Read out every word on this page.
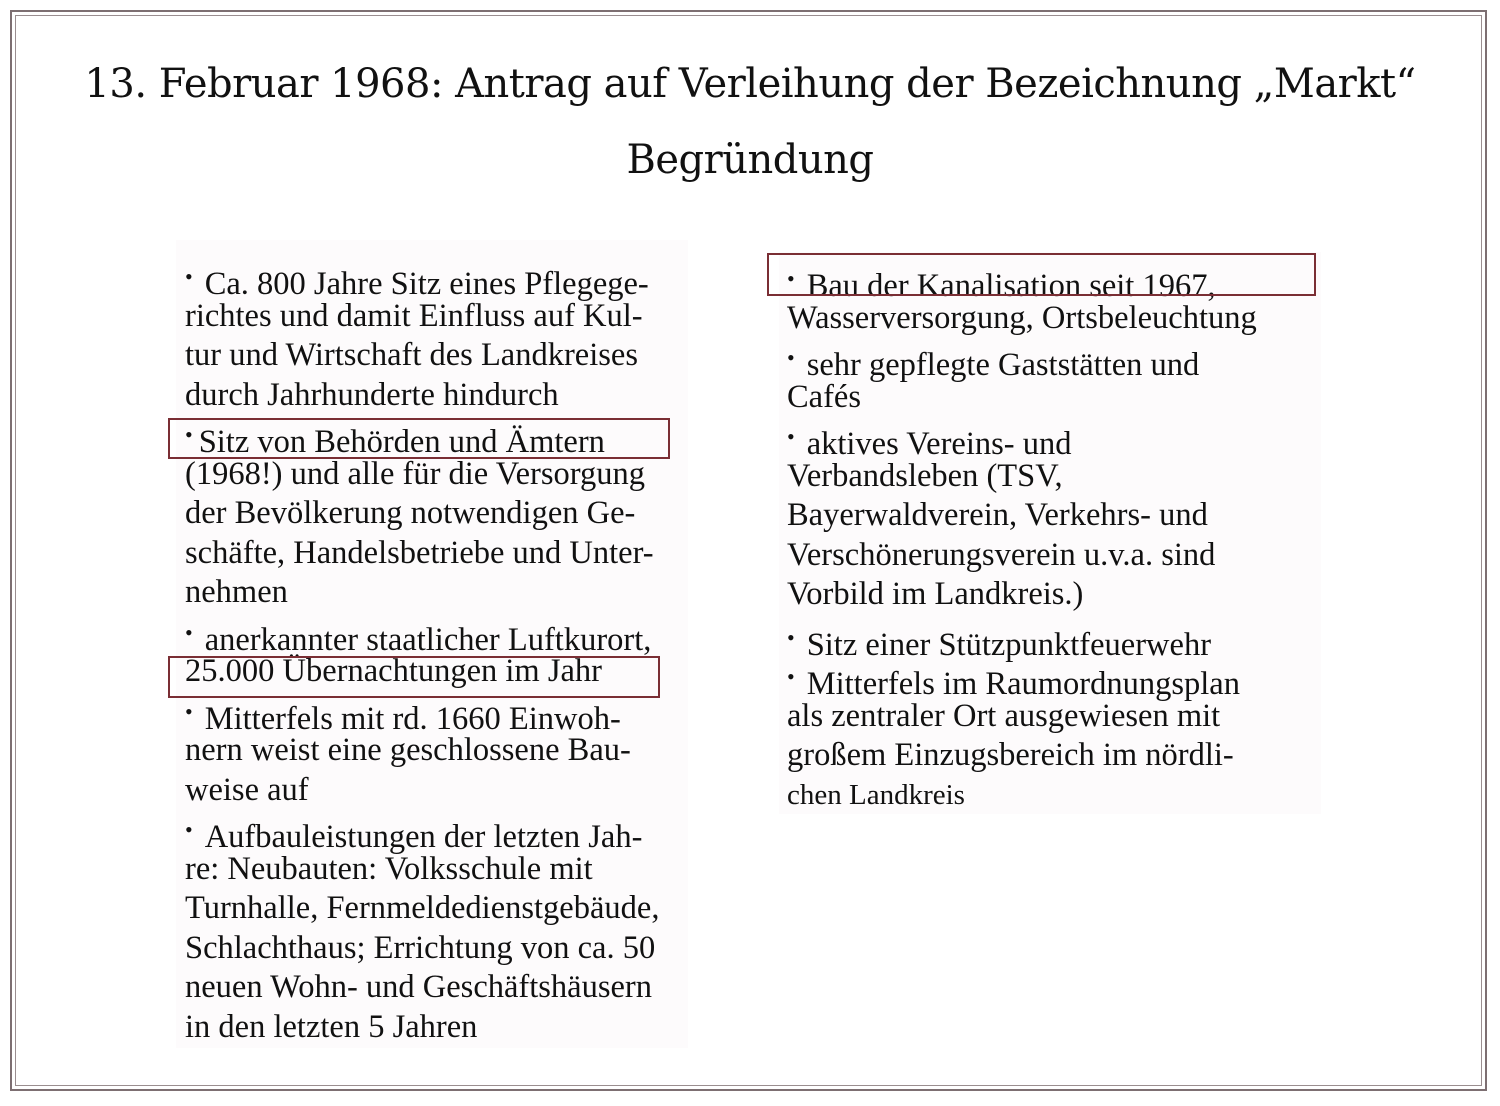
13. Februar 1968: Antrag auf Verleihung der Bezeichnung „Markt“
Begründung
• Ca. 800 Jahre Sitz eines Pflegege-
richtes und damit Einfluss auf Kul-
tur und Wirtschaft des Landkreises
durch Jahrhunderte hindurch
• Sitz von Behörden und Ämtern
(1968!) und alle für die Versorgung
der Bevölkerung notwendigen Ge-
schäfte, Handelsbetriebe und Unter-
nehmen
• anerkannter staatlicher Luftkurort,
25.000 Übernachtungen im Jahr
• Mitterfels mit rd. 1660 Einwoh-
nern weist eine geschlossene Bau-
weise auf
• Aufbauleistungen der letzten Jah-
re: Neubauten: Volksschule mit
Turnhalle, Fernmeldedienstgebäude,
Schlachthaus; Errichtung von ca. 50
neuen Wohn- und Geschäftshäusern
in den letzten 5 Jahren
• Bau der Kanalisation seit 1967,
Wasserversorgung, Ortsbeleuchtung
• sehr gepflegte Gaststätten und
Cafés
• aktives Vereins- und
Verbandsleben (TSV,
Bayerwaldverein, Verkehrs- und
Verschönerungsverein u.v.a. sind
Vorbild im Landkreis.)
• Sitz einer Stützpunktfeuerwehr
• Mitterfels im Raumordnungsplan
als zentraler Ort ausgewiesen mit
großem Einzugsbereich im nördli-
chen Landkreis
